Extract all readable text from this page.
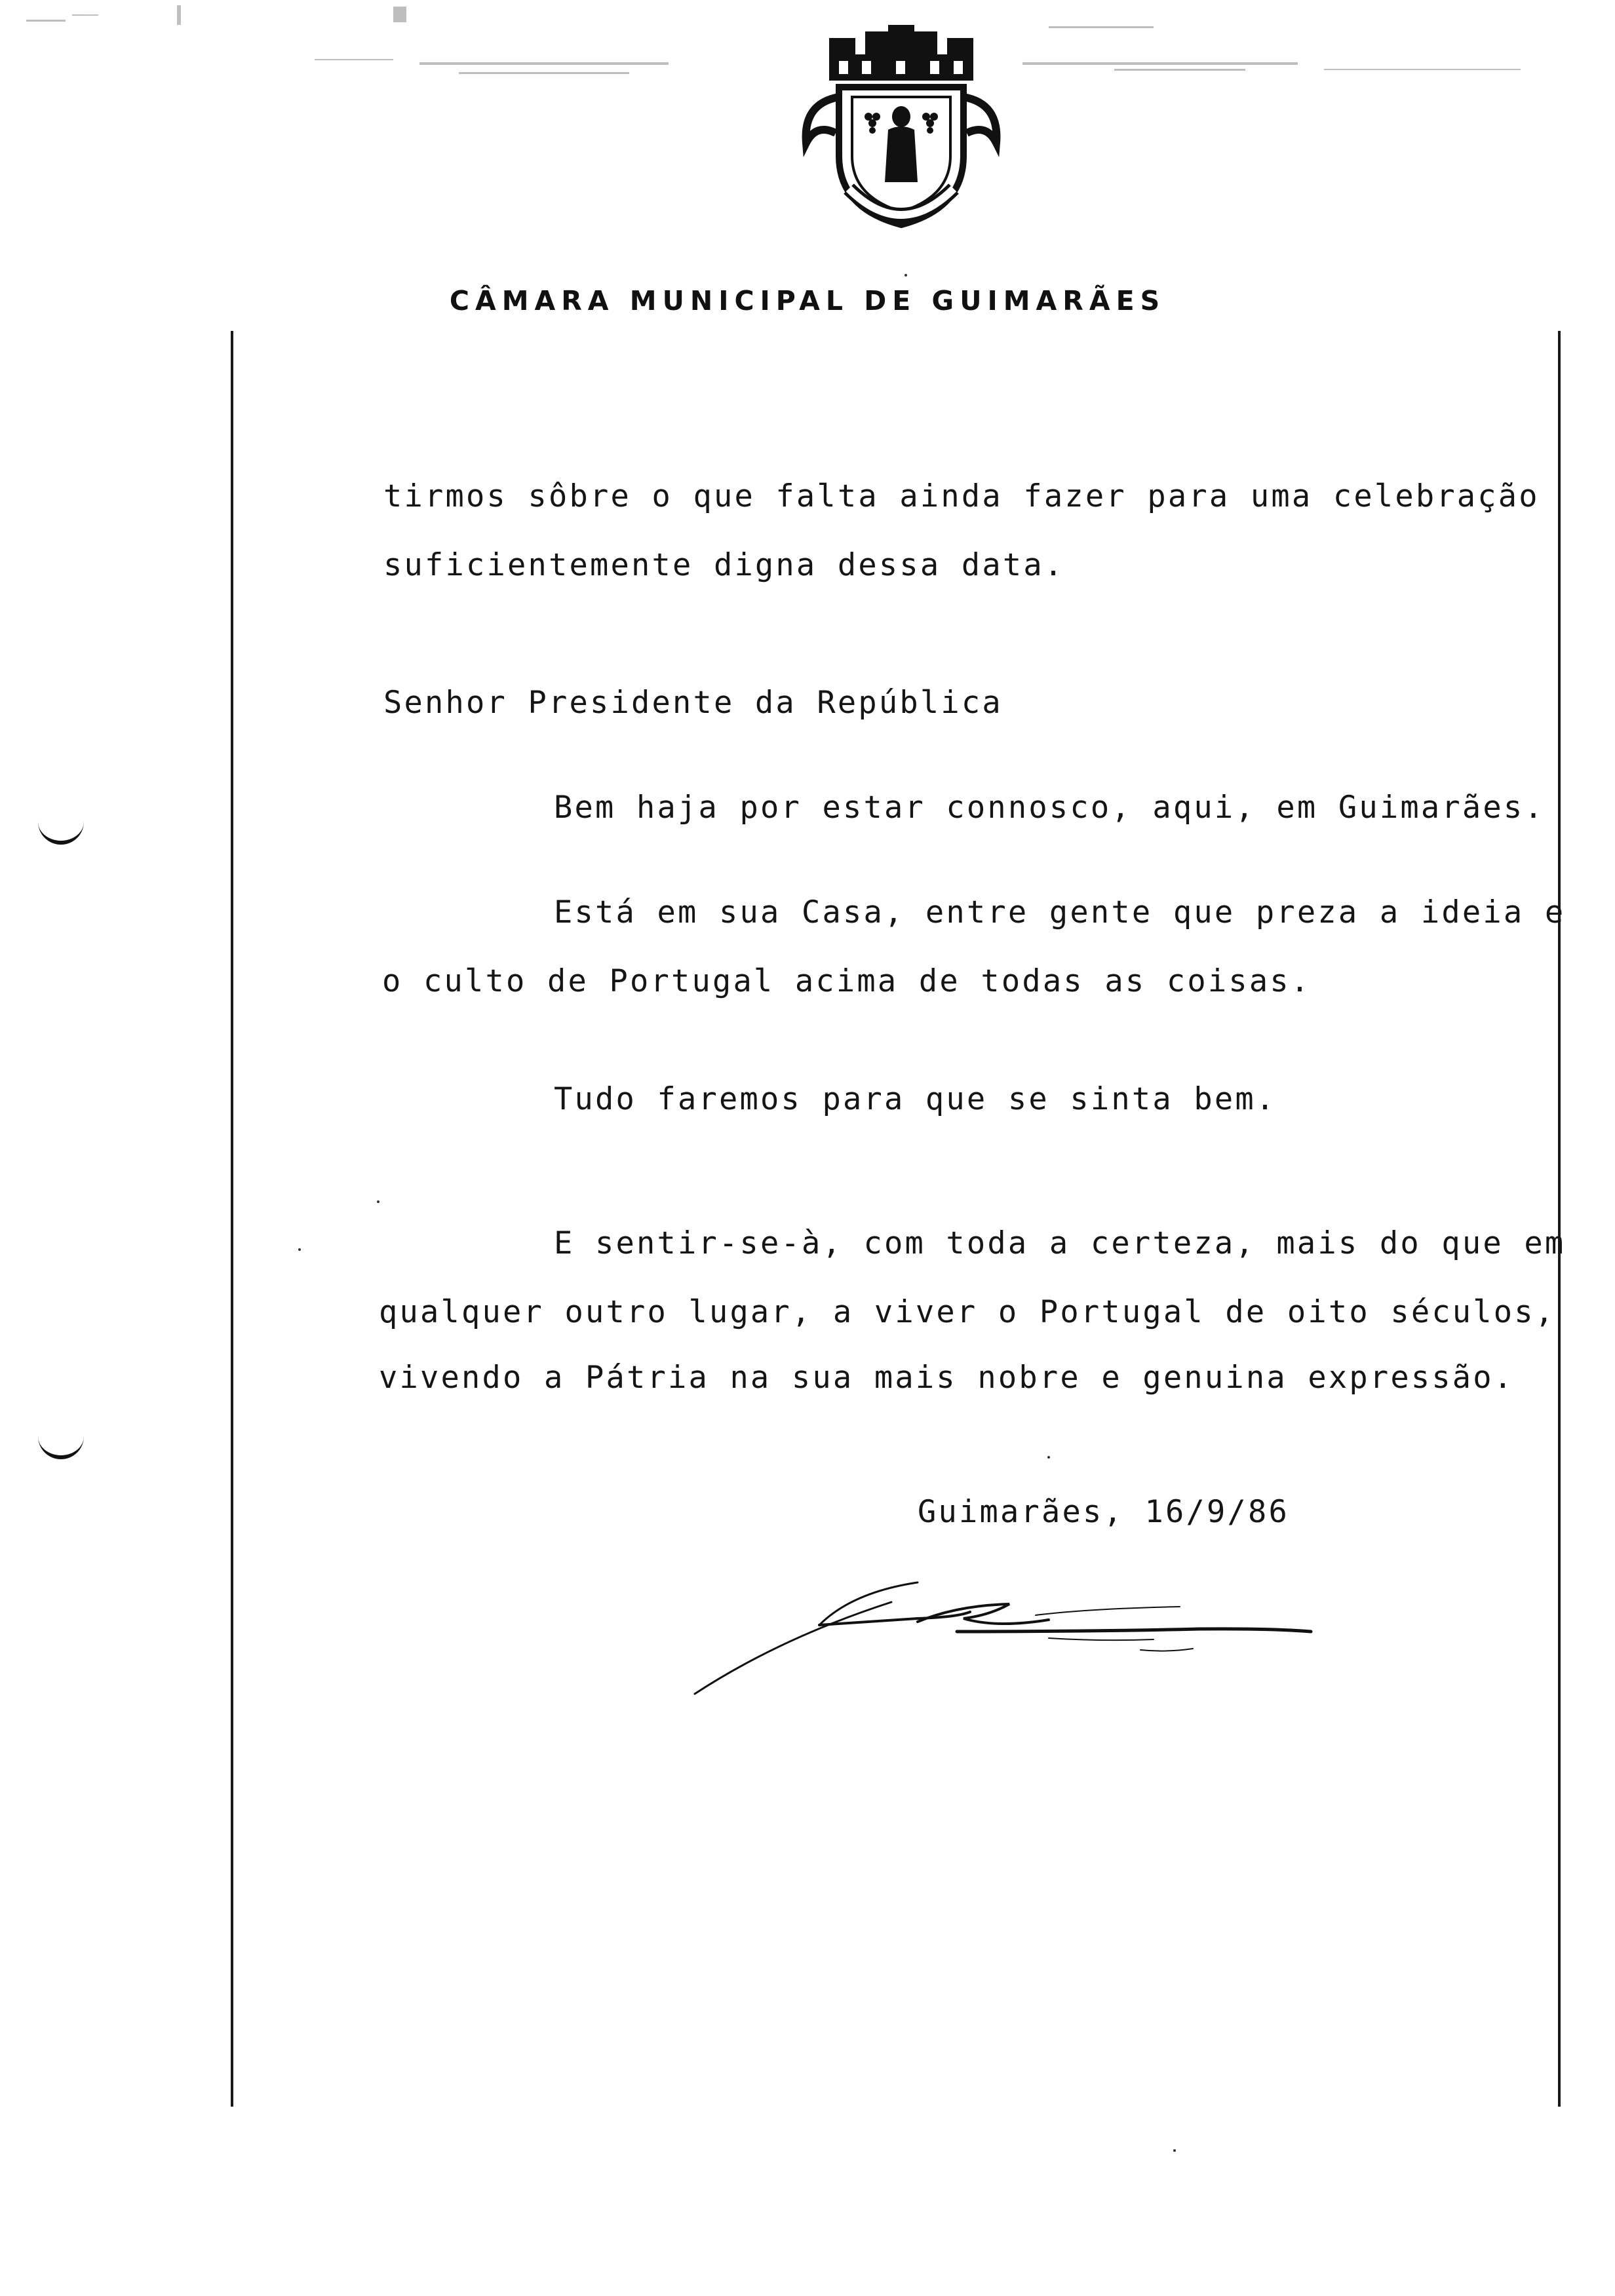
CÂMARA MUNICIPAL DE GUIMARÃES
tirmos sôbre o que falta ainda fazer para uma celebração
suficientemente digna dessa data.
Senhor Presidente da República
Bem haja por estar connosco, aqui, em Guimarães.
Está em sua Casa, entre gente que preza a ideia e
o culto de Portugal acima de todas as coisas.
Tudo faremos para que se sinta bem.
E sentir-se-à, com toda a certeza, mais do que em
qualquer outro lugar, a viver o Portugal de oito séculos,
vivendo a Pátria na sua mais nobre e genuina expressão.
Guimarães, 16/9/86
